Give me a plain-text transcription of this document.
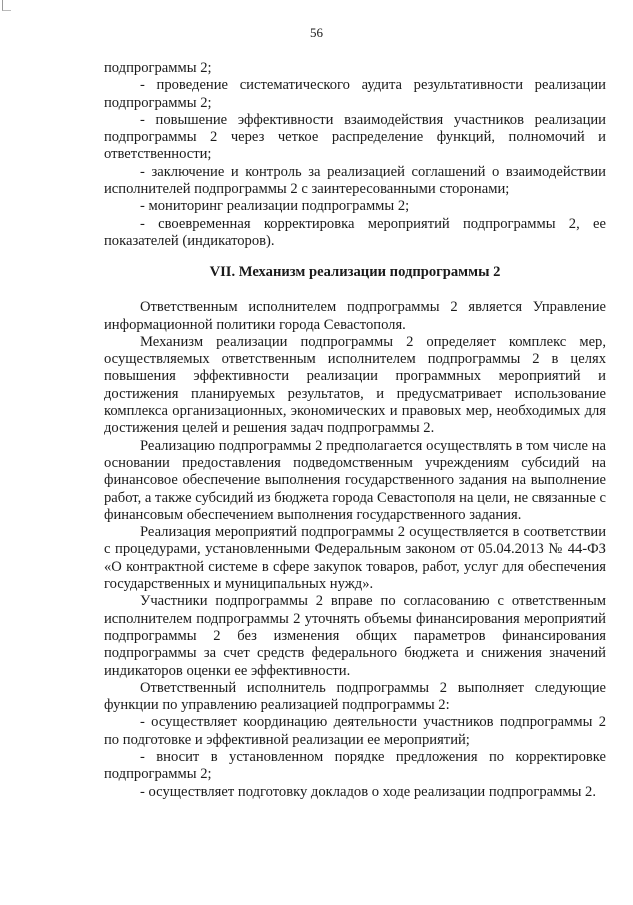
56

подпрограммы 2;

- проведение систематического аудита результативности реализации подпрограммы 2;

- повышение эффективности взаимодействия участников реализации подпрограммы 2 через четкое распределение функций, полномочий и ответственности;

- заключение и контроль за реализацией соглашений о взаимодействии исполнителей подпрограммы 2 с заинтересованными сторонами;

- мониторинг реализации подпрограммы 2;

- своевременная корректировка мероприятий подпрограммы 2, ее показателей (индикаторов).

VII. Механизм реализации подпрограммы 2

Ответственным исполнителем подпрограммы 2 является Управление информационной политики города Севастополя.

Механизм реализации подпрограммы 2 определяет комплекс мер, осуществляемых ответственным исполнителем подпрограммы 2 в целях повышения эффективности реализации программных мероприятий и достижения планируемых результатов, и предусматривает использование комплекса организационных, экономических и правовых мер, необходимых для достижения целей и решения задач подпрограммы 2.

Реализацию подпрограммы 2 предполагается осуществлять в том числе на основании предоставления подведомственным учреждениям субсидий на финансовое обеспечение выполнения государственного задания на выполнение работ, а также субсидий из бюджета города Севастополя на цели, не связанные с финансовым обеспечением выполнения государственного задания.

Реализация мероприятий подпрограммы 2 осуществляется в соответствии с процедурами, установленными Федеральным законом от 05.04.2013 № 44-ФЗ «О контрактной системе в сфере закупок товаров, работ, услуг для обеспечения государственных и муниципальных нужд».

Участники подпрограммы 2 вправе по согласованию с ответственным исполнителем подпрограммы 2 уточнять объемы финансирования мероприятий подпрограммы 2 без изменения общих параметров финансирования подпрограммы за счет средств федерального бюджета и снижения значений индикаторов оценки ее эффективности.

Ответственный исполнитель подпрограммы 2 выполняет следующие функции по управлению реализацией подпрограммы 2:

- осуществляет координацию деятельности участников подпрограммы 2 по подготовке и эффективной реализации ее мероприятий;

- вносит в установленном порядке предложения по корректировке подпрограммы 2;

- осуществляет подготовку докладов о ходе реализации подпрограммы 2.
